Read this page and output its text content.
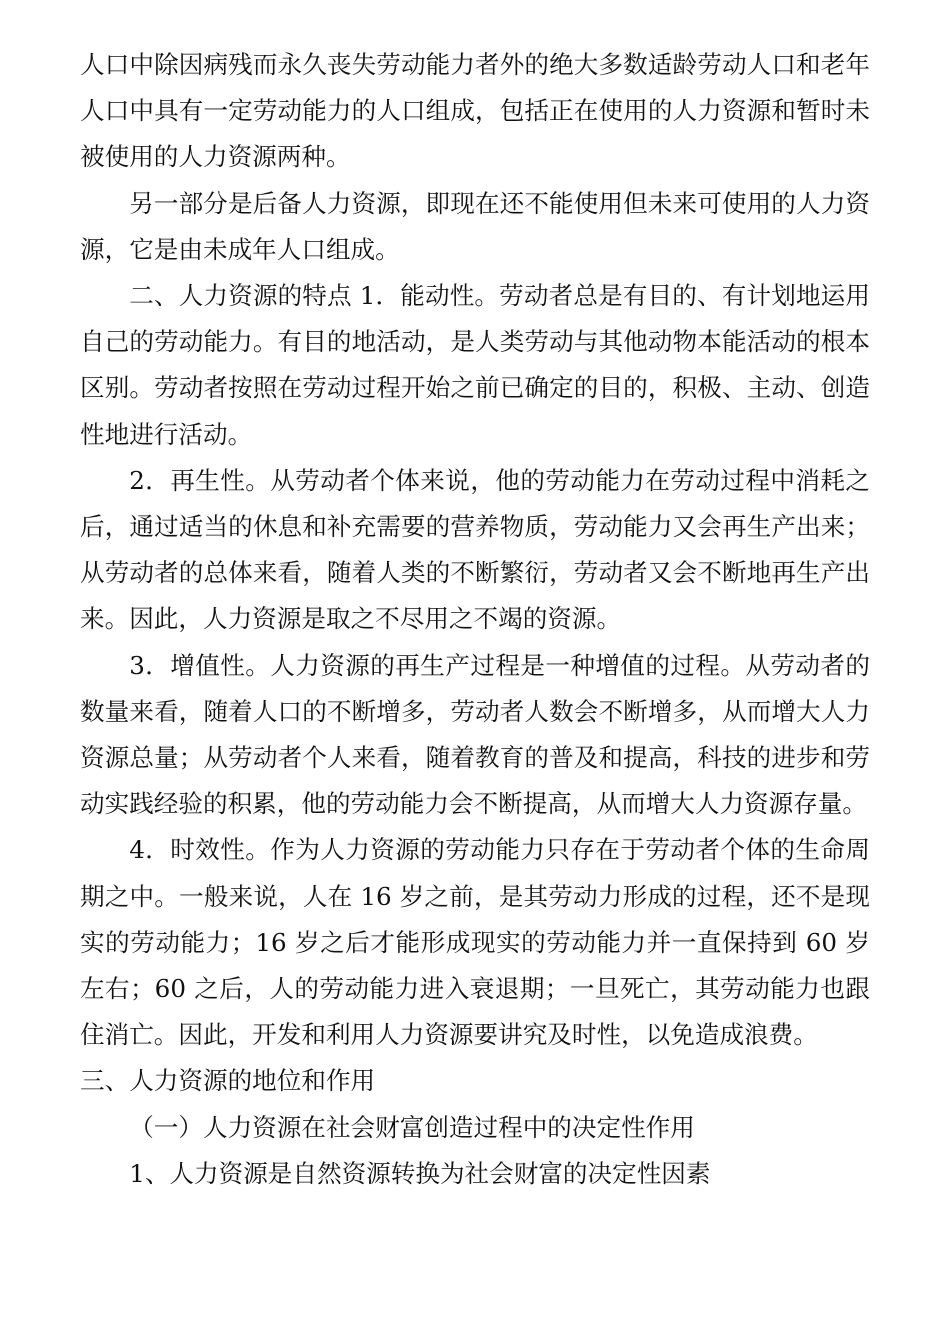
人口中除因病残而永久丧失劳动能力者外的绝大多数适龄劳动人口和老年人口中具有一定劳动能力的人口组成，包括正在使用的人力资源和暂时未被使用的人力资源两种。

另一部分是后备人力资源，即现在还不能使用但未来可使用的人力资源，它是由未成年人口组成。

二、人力资源的特点 1．能动性。劳动者总是有目的、有计划地运用自己的劳动能力。有目的地活动，是人类劳动与其他动物本能活动的根本区别。劳动者按照在劳动过程开始之前已确定的目的，积极、主动、创造性地进行活动。

2．再生性。从劳动者个体来说，他的劳动能力在劳动过程中消耗之后，通过适当的休息和补充需要的营养物质，劳动能力又会再生产出来；从劳动者的总体来看，随着人类的不断繁衍，劳动者又会不断地再生产出来。因此，人力资源是取之不尽用之不竭的资源。

3．增值性。人力资源的再生产过程是一种增值的过程。从劳动者的数量来看，随着人口的不断增多，劳动者人数会不断增多，从而增大人力资源总量；从劳动者个人来看，随着教育的普及和提高，科技的进步和劳动实践经验的积累，他的劳动能力会不断提高，从而增大人力资源存量。

4．时效性。作为人力资源的劳动能力只存在于劳动者个体的生命周期之中。一般来说，人在 16 岁之前，是其劳动力形成的过程，还不是现实的劳动能力；16 岁之后才能形成现实的劳动能力并一直保持到 60 岁左右；60 之后，人的劳动能力进入衰退期；一旦死亡，其劳动能力也跟住消亡。因此，开发和利用人力资源要讲究及时性，以免造成浪费。

三、人力资源的地位和作用

（一）人力资源在社会财富创造过程中的决定性作用

1、人力资源是自然资源转换为社会财富的决定性因素
